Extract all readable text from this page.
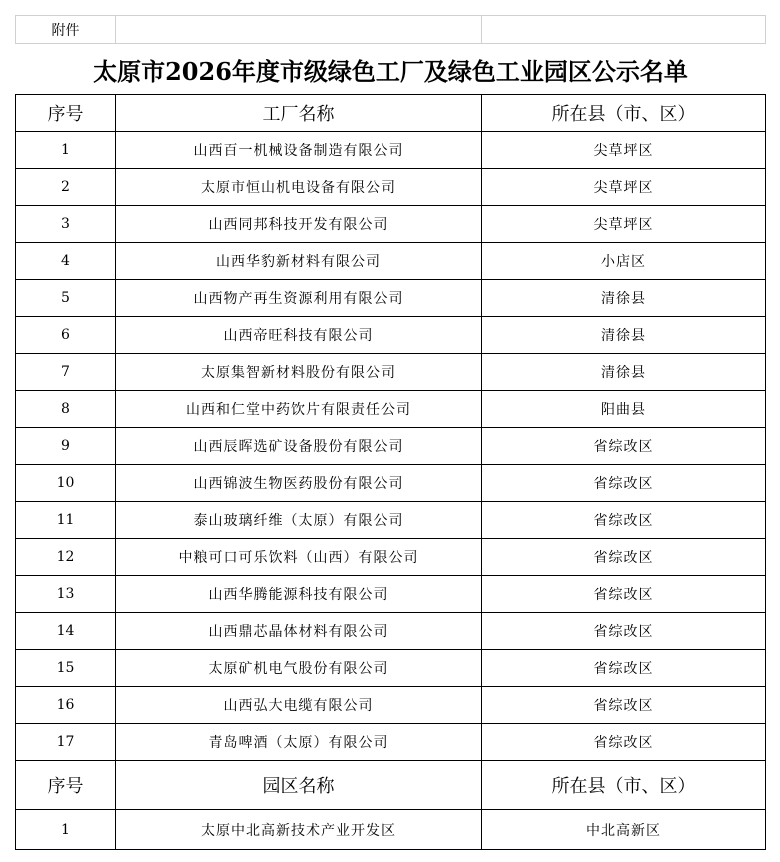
附件		
太原市2026年度市级绿色工厂及绿色工业园区公示名单		
序号	工厂名称	所在县（市、区）
1	山西百一机械设备制造有限公司	尖草坪区
2	太原市恒山机电设备有限公司	尖草坪区
3	山西同邦科技开发有限公司	尖草坪区
4	山西华豹新材料有限公司	小店区
5	山西物产再生资源利用有限公司	清徐县
6	山西帝旺科技有限公司	清徐县
7	太原集智新材料股份有限公司	清徐县
8	山西和仁堂中药饮片有限责任公司	阳曲县
9	山西辰晖选矿设备股份有限公司	省综改区
10	山西锦波生物医药股份有限公司	省综改区
11	泰山玻璃纤维（太原）有限公司	省综改区
12	中粮可口可乐饮料（山西）有限公司	省综改区
13	山西华腾能源科技有限公司	省综改区
14	山西鼎芯晶体材料有限公司	省综改区
15	太原矿机电气股份有限公司	省综改区
16	山西弘大电缆有限公司	省综改区
17	青岛啤酒（太原）有限公司	省综改区
序号	园区名称	所在县（市、区）
1	太原中北高新技术产业开发区	中北高新区
